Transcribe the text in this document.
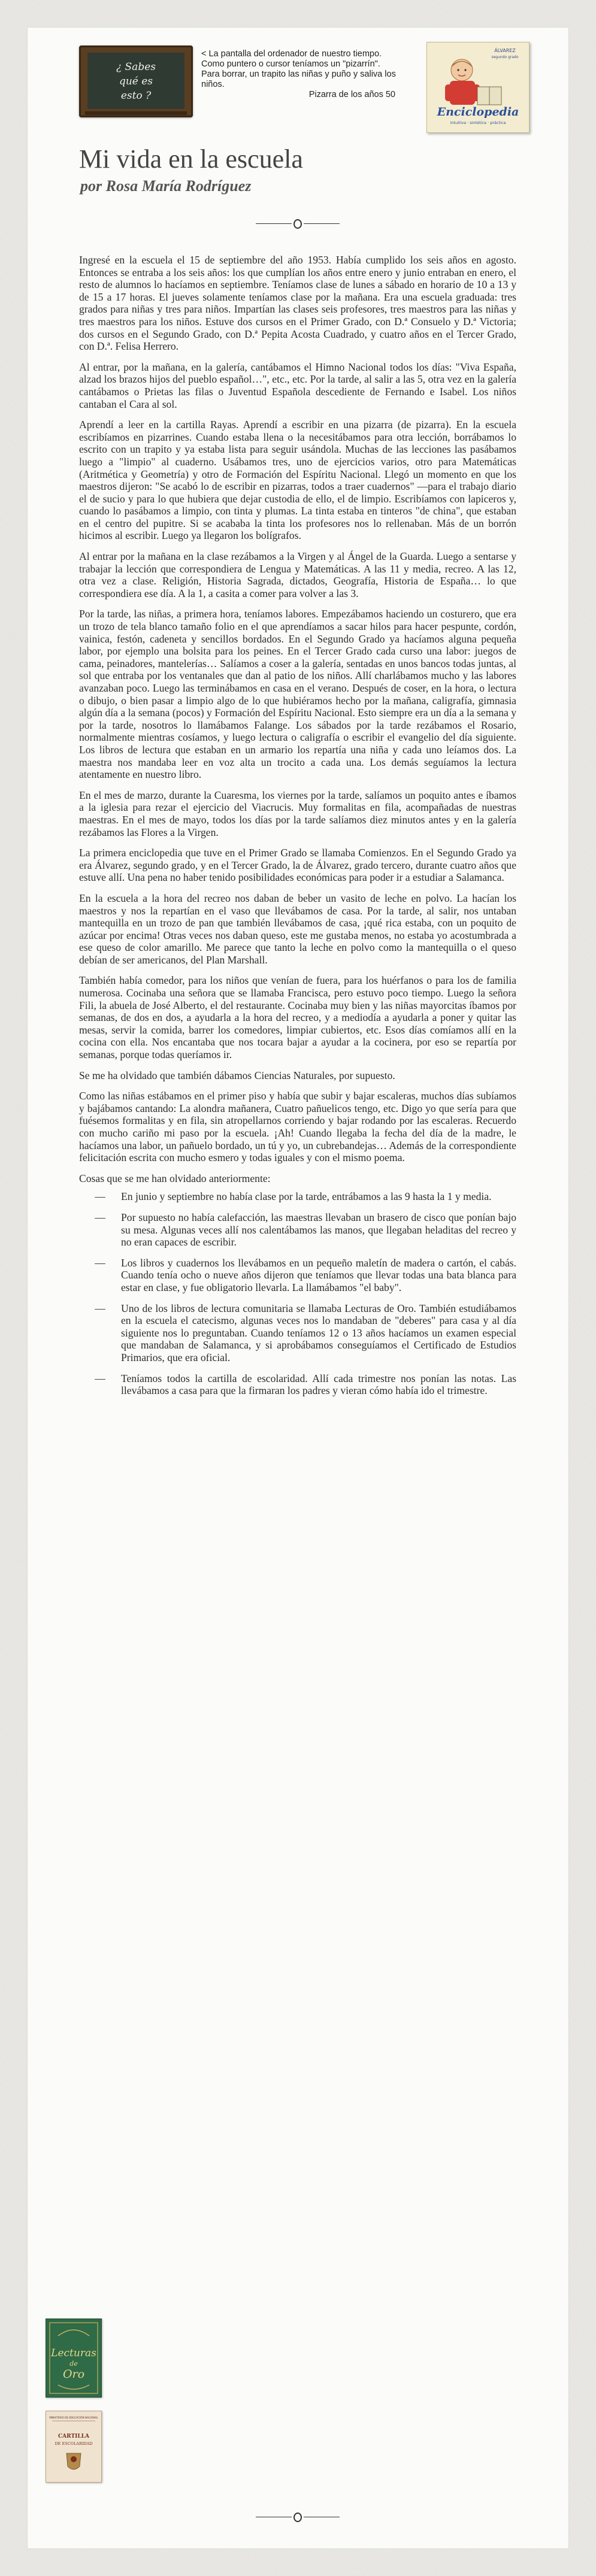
¿ Sabes
qué es
esto ?
< La pantalla del ordenador de nuestro tiempo. Como puntero o cursor teníamos un "pizarrín". Para borrar, un trapito las niñas y puño y saliva los niños.
Pizarra de los años 50
ÁLVAREZ
segundo grado
Enciclopedia
intuitiva · sintética · práctica
Mi vida en la escuela
por Rosa María Rodríguez

Ingresé en la escuela el 15 de septiembre del año 1953. Había cumplido los seis años en agosto. Entonces se entraba a los seis años: los que cumplían los años entre enero y junio entraban en enero, el resto de alumnos lo hacíamos en septiembre. Teníamos clase de lunes a sábado en horario de 10 a 13 y de 15 a 17 horas. El jueves solamente teníamos clase por la mañana. Era una escuela graduada: tres grados para niñas y tres para niños. Impartían las clases seis profesores, tres maestros para las niñas y tres maestros para los niños. Estuve dos cursos en el Primer Grado, con D.ª Consuelo y D.ª Victoria; dos cursos en el Segundo Grado, con D.ª Pepita Acosta Cuadrado, y cuatro años en el Tercer Grado, con D.ª. Felisa Herrero.

Al entrar, por la mañana, en la galería, cantábamos el Himno Nacional todos los días: "Viva España, alzad los brazos hijos del pueblo español…", etc., etc. Por la tarde, al salir a las 5, otra vez en la galería cantábamos o Prietas las filas o Juventud Española descediente de Fernando e Isabel. Los niños cantaban el Cara al sol.

Aprendí a leer en la cartilla Rayas. Aprendí a escribir en una pizarra (de pizarra). En la escuela escribíamos en pizarrines. Cuando estaba llena o la necesitábamos para otra lección, borrábamos lo escrito con un trapito y ya estaba lista para seguir usándola. Muchas de las lecciones las pasábamos luego a "limpio" al cuaderno. Usábamos tres, uno de ejercicios varios, otro para Matemáticas (Aritmética y Geometría) y otro de Formación del Espíritu Nacional. Llegó un momento en que los maestros dijeron: "Se acabó lo de escribir en pizarras, todos a traer cuadernos" —para el trabajo diario el de sucio y para lo que hubiera que dejar custodia de ello, el de limpio. Escribíamos con lapiceros y, cuando lo pasábamos a limpio, con tinta y plumas. La tinta estaba en tinteros "de china", que estaban en el centro del pupitre. Si se acababa la tinta los profesores nos lo rellenaban. Más de un borrón hicimos al escribir. Luego ya llegaron los bolígrafos.

Al entrar por la mañana en la clase rezábamos a la Virgen y al Ángel de la Guarda. Luego a sentarse y trabajar la lección que correspondiera de Lengua y Matemáticas. A las 11 y media, recreo. A las 12, otra vez a clase. Religión, Historia Sagrada, dictados, Geografía, Historia de España… lo que correspondiera ese día. A la 1, a casita a comer para volver a las 3.

Por la tarde, las niñas, a primera hora, teníamos labores. Empezábamos haciendo un costurero, que era un trozo de tela blanco tamaño folio en el que aprendíamos a sacar hilos para hacer pespunte, cordón, vainica, festón, cadeneta y sencillos bordados. En el Segundo Grado ya hacíamos alguna pequeña labor, por ejemplo una bolsita para los peines. En el Tercer Grado cada curso una labor: juegos de cama, peinadores, mantelerías… Salíamos a coser a la galería, sentadas en unos bancos todas juntas, al sol que entraba por los ventanales que dan al patio de los niños. Allí charlábamos mucho y las labores avanzaban poco. Luego las terminábamos en casa en el verano. Después de coser, en la hora, o lectura o dibujo, o bien pasar a limpio algo de lo que hubiéramos hecho por la mañana, caligrafía, gimnasia algún día a la semana (pocos) y Formación del Espíritu Nacional. Esto siempre era un día a la semana y por la tarde, nosotros lo llamábamos Falange. Los sábados por la tarde rezábamos el Rosario, normalmente mientras cosíamos, y luego lectura o caligrafía o escribir el evangelio del día siguiente. Los libros de lectura que estaban en un armario los repartía una niña y cada uno leíamos dos. La maestra nos mandaba leer en voz alta un trocito a cada una. Los demás seguíamos la lectura atentamente en nuestro libro.

En el mes de marzo, durante la Cuaresma, los viernes por la tarde, salíamos un poquito antes e íbamos a la iglesia para rezar el ejercicio del Viacrucis. Muy formalitas en fila, acompañadas de nuestras maestras. En el mes de mayo, todos los días por la tarde salíamos diez minutos antes y en la galería rezábamos las Flores a la Virgen.

La primera enciclopedia que tuve en el Primer Grado se llamaba Comienzos. En el Segundo Grado ya era Álvarez, segundo grado, y en el Tercer Grado, la de Álvarez, grado tercero, durante cuatro años que estuve allí. Una pena no haber tenido posibilidades económicas para poder ir a estudiar a Salamanca.

En la escuela a la hora del recreo nos daban de beber un vasito de leche en polvo. La hacían los maestros y nos la repartían en el vaso que llevábamos de casa. Por la tarde, al salir, nos untaban mantequilla en un trozo de pan que también llevábamos de casa, ¡qué rica estaba, con un poquito de azúcar por encima! Otras veces nos daban queso, este me gustaba menos, no estaba yo acostumbrada a ese queso de color amarillo. Me parece que tanto la leche en polvo como la mantequilla o el queso debían de ser americanos, del Plan Marshall.

También había comedor, para los niños que venían de fuera, para los huérfanos o para los de familia numerosa. Cocinaba una señora que se llamaba Francisca, pero estuvo poco tiempo. Luego la señora Fili, la abuela de José Alberto, el del restaurante. Cocinaba muy bien y las niñas mayorcitas íbamos por semanas, de dos en dos, a ayudarla a la hora del recreo, y a mediodía a ayudarla a poner y quitar las mesas, servir la comida, barrer los comedores, limpiar cubiertos, etc. Esos días comíamos allí en la cocina con ella. Nos encantaba que nos tocara bajar a ayudar a la cocinera, por eso se repartía por semanas, porque todas queríamos ir.

Se me ha olvidado que también dábamos Ciencias Naturales, por supuesto.

Como las niñas estábamos en el primer piso y había que subir y bajar escaleras, muchos días subíamos y bajábamos cantando: La alondra mañanera, Cuatro pañuelicos tengo, etc. Digo yo que sería para que fuésemos formalitas y en fila, sin atropellarnos corriendo y bajar rodando por las escaleras. Recuerdo con mucho cariño mi paso por la escuela. ¡Ah! Cuando llegaba la fecha del día de la madre, le hacíamos una labor, un pañuelo bordado, un tú y yo, un cubrebandejas… Además de la correspondiente felicitación escrita con mucho esmero y todas iguales y con el mismo poema.

Cosas que se me han olvidado anteriormente:

—	En junio y septiembre no había clase por la tarde, entrábamos a las 9 hasta la 1 y media.
—	Por supuesto no había calefacción, las maestras llevaban un brasero de cisco que ponían bajo su mesa. Algunas veces allí nos calentábamos las manos, que llegaban heladitas del recreo y no eran capaces de escribir.
—	Los libros y cuadernos los llevábamos en un pequeño maletín de madera o cartón, el cabás. Cuando tenía ocho o nueve años dijeron que teníamos que llevar todas una bata blanca para estar en clase, y fue obligatorio llevarla. La llamábamos "el baby".
—	Uno de los libros de lectura comunitaria se llamaba Lecturas de Oro. También estudiábamos en la escuela el catecismo, algunas veces nos lo mandaban de "deberes" para casa y al día siguiente nos lo preguntaban. Cuando teníamos 12 o 13 años hacíamos un examen especial que mandaban de Salamanca, y si aprobábamos conseguíamos el Certificado de Estudios Primarios, que era oficial.
—	Teníamos todos la cartilla de escolaridad. Allí cada trimestre nos ponían las notas. Las llevábamos a casa para que la firmaran los padres y vieran cómo había ido el trimestre.
Lecturas
de
Oro
MINISTERIO DE EDUCACIÓN NACIONAL
CARTILLA
DE ESCOLARIDAD
